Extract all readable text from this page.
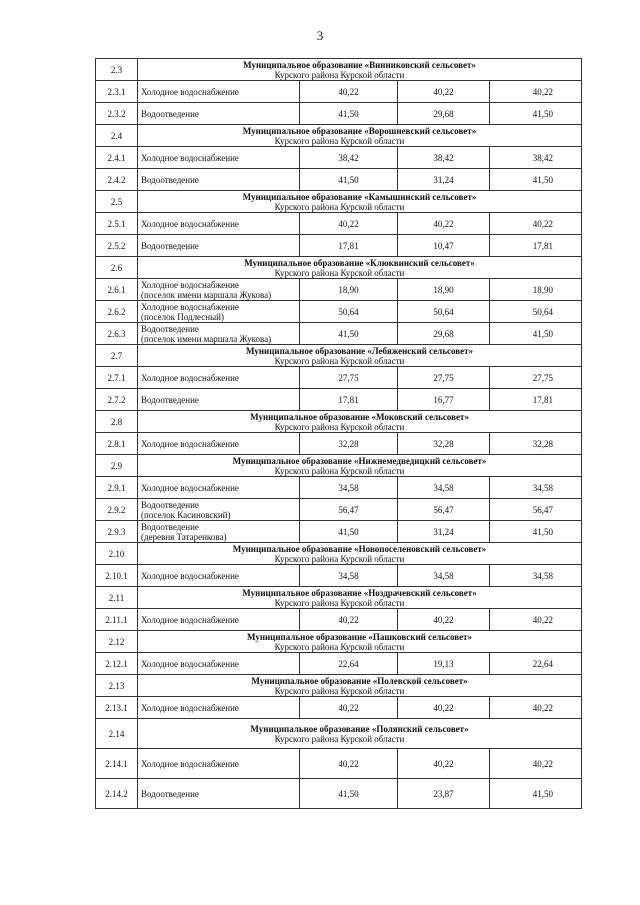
3
2.3	Муниципальное образование «Винниковский сельсовет»
Курского района Курской области			

2.3.1	Холодное водоснабжение	40,22	40,22	40,22
2.3.2	Водоотведение	41,50	29,68	41,50
2.4	Муниципальное образование «Ворошневский сельсовет»
Курского района Курской области			

2.4.1	Холодное водоснабжение	38,42	38,42	38,42
2.4.2	Водоотведение	41,50	31,24	41,50
2.5	Муниципальное образование «Камышинский сельсовет»
Курского района Курской области			

2.5.1	Холодное водоснабжение	40,22	40,22	40,22
2.5.2	Водоотведение	17,81	10,47	17,81
2.6	Муниципальное образование «Клюквинский сельсовет»
Курского района Курской области			

2.6.1	Холодное водоснабжение
(поселок имени маршала Жукова)	18,90	18,90	18,90
2.6.2	Холодное водоснабжение
(поселок Подлесный)	50,64	50,64	50,64
2.6.3	Водоотведение
(поселок имени маршала Жукова)	41,50	29,68	41,50
2.7	Муниципальное образование «Лебяженский сельсовет»
Курского района Курской области			

2.7.1	Холодное водоснабжение	27,75	27,75	27,75
2.7.2	Водоотведение	17,81	16,77	17,81
2.8	Муниципальное образование «Моковский сельсовет»
Курского района Курской области			

2.8.1	Холодное водоснабжение	32,28	32,28	32,28
2.9	Муниципальное образование «Нижнемедведицкий сельсовет»
Курского района Курской области			

2.9.1	Холодное водоснабжение	34,58	34,58	34,58
2.9.2	Водоотведение
(поселок Касиновский)	56,47	56,47	56,47
2.9.3	Водоотведение
(деревня Татаренкова)	41,50	31,24	41,50
2.10	Муниципальное образование «Новопоселеновский сельсовет»
Курского района Курской области			

2.10.1	Холодное водоснабжение	34,58	34,58	34,58
2.11	Муниципальное образование «Ноздрачевский сельсовет»
Курского района Курской области			

2.11.1	Холодное водоснабжение	40,22	40,22	40,22
2.12	Муниципальное образование «Пашковский сельсовет»
Курского района Курской области			

2.12.1	Холодное водоснабжение	22,64	19,13	22,64
2.13	Муниципальное образование «Полевской сельсовет»
Курского района Курской области			

2.13.1	Холодное водоснабжение	40,22	40,22	40,22
2.14	Муниципальное образование «Полянский сельсовет»
Курского района Курской области			

2.14.1	Холодное водоснабжение	40,22	40,22	40,22
2.14.2	Водоотведение	41,50	23,87	41,50
